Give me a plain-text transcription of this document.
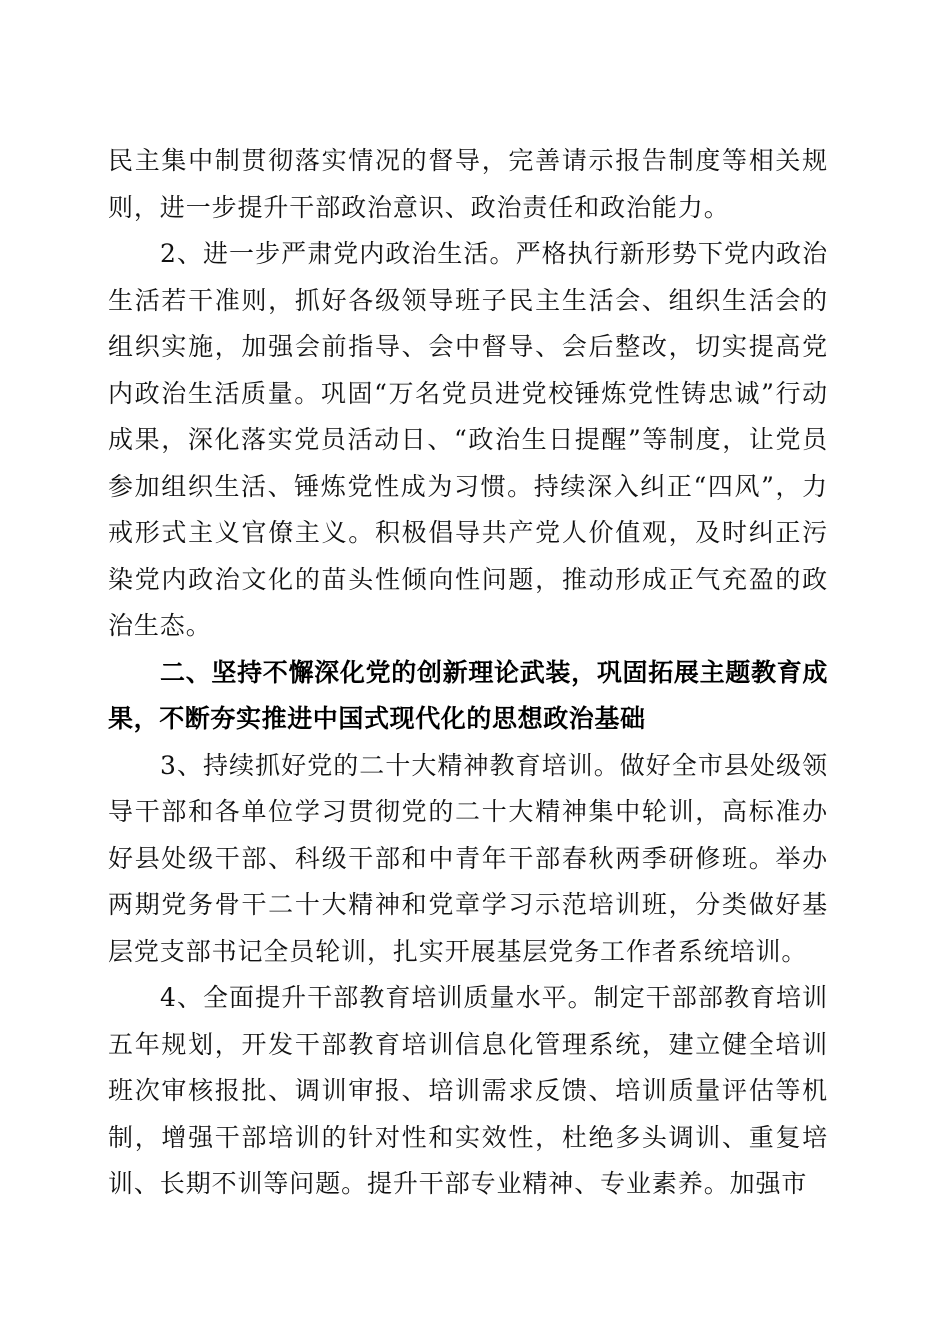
民主集中制贯彻落实情况的督导，完善请示报告制度等相关规则，进一步提升干部政治意识、政治责任和政治能力。

2、进一步严肃党内政治生活。严格执行新形势下党内政治生活若干准则，抓好各级领导班子民主生活会、组织生活会的组织实施，加强会前指导、会中督导、会后整改，切实提高党内政治生活质量。巩固“万名党员进党校锤炼党性铸忠诚”行动成果，深化落实党员活动日、“政治生日提醒”等制度，让党员参加组织生活、锤炼党性成为习惯。持续深入纠正“四风”，力戒形式主义官僚主义。积极倡导共产党人价值观，及时纠正污染党内政治文化的苗头性倾向性问题，推动形成正气充盈的政治生态。

二、坚持不懈深化党的创新理论武装，巩固拓展主题教育成果，不断夯实推进中国式现代化的思想政治基础

3、持续抓好党的二十大精神教育培训。做好全市县处级领导干部和各单位学习贯彻党的二十大精神集中轮训，高标准办好县处级干部、科级干部和中青年干部春秋两季研修班。举办两期党务骨干二十大精神和党章学习示范培训班，分类做好基层党支部书记全员轮训，扎实开展基层党务工作者系统培训。

4、全面提升干部教育培训质量水平。制定干部部教育培训五年规划，开发干部教育培训信息化管理系统，建立健全培训班次审核报批、调训审报、培训需求反馈、培训质量评估等机制，增强干部培训的针对性和实效性，杜绝多头调训、重复培训、长期不训等问题。提升干部专业精神、专业素养。加强市
